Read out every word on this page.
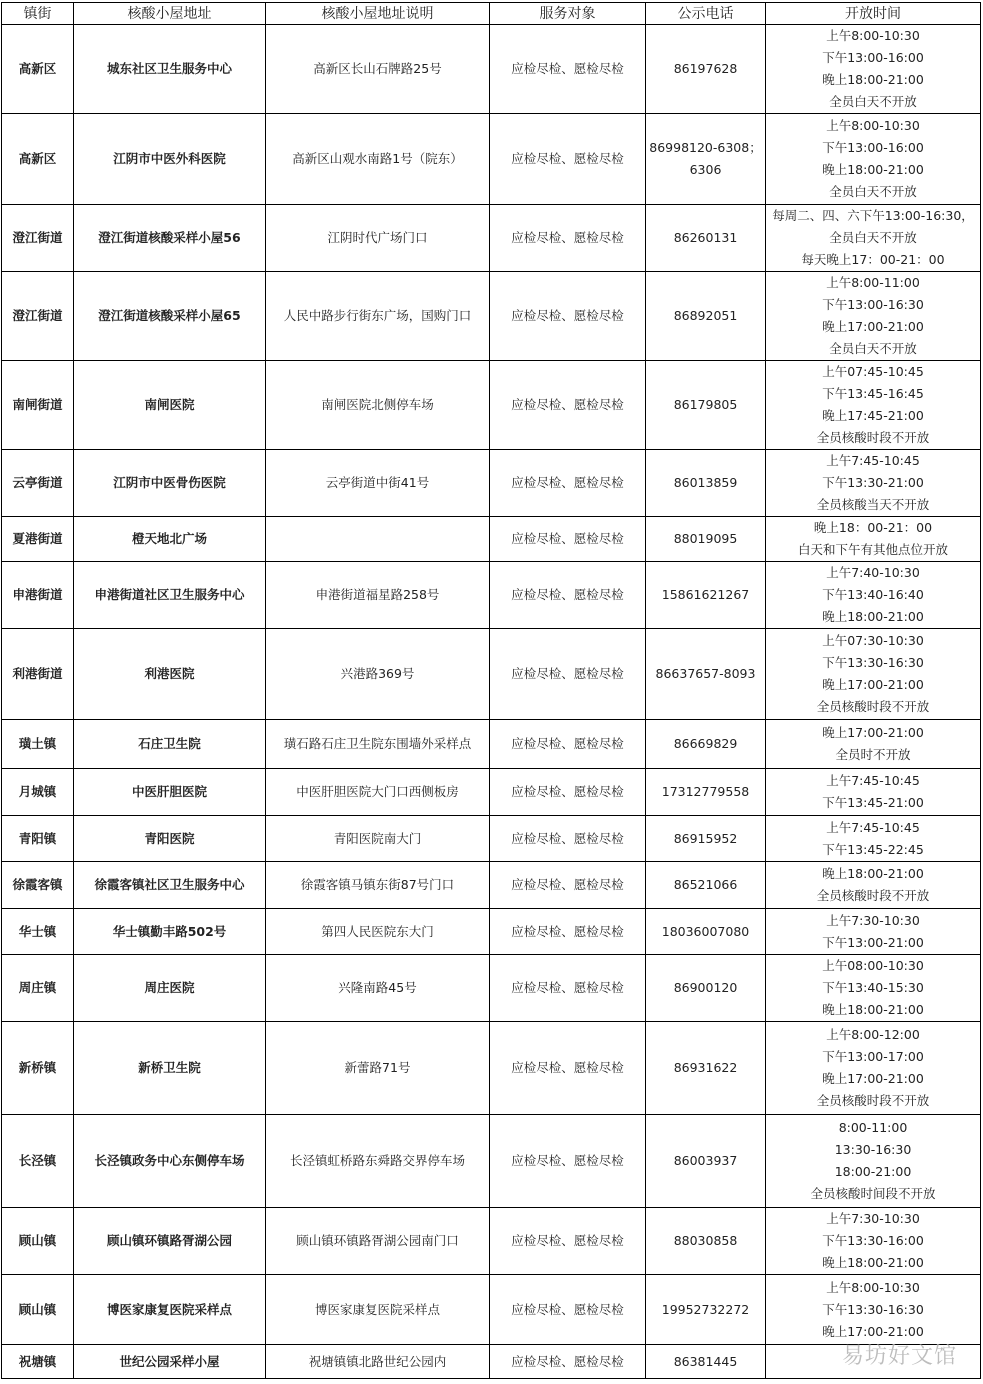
镇街	核酸小屋地址	核酸小屋地址说明	服务对象	公示电话	开放时间
高新区	城东社区卫生服务中心	高新区长山石牌路25号	应检尽检、愿检尽检	86197628	上午8:00-10:30
下午13:00-16:00
晚上18:00-21:00
全员白天不开放

高新区	江阴市中医外科医院	高新区山观水南路1号（院东）	应检尽检、愿检尽检	86998120-6308；6306	上午8:00-10:30
下午13:00-16:00
晚上18:00-21:00
全员白天不开放

澄江街道	澄江街道核酸采样小屋56	江阴时代广场门口	应检尽检、愿检尽检	86260131	每周二、四、六下午13:00-16:30，
全员白天不开放
每天晚上17：00-21：00

澄江街道	澄江街道核酸采样小屋65	人民中路步行街东广场，国购门口	应检尽检、愿检尽检	86892051	上午8:00-11:00
下午13:00-16:30
晚上17:00-21:00
全员白天不开放

南闸街道	南闸医院	南闸医院北侧停车场	应检尽检、愿检尽检	86179805	上午07:45-10:45
下午13:45-16:45
晚上17:45-21:00
全员核酸时段不开放

云亭街道	江阴市中医骨伤医院	云亭街道中街41号	应检尽检、愿检尽检	86013859	上午7:45-10:45
下午13:30-21:00
全员核酸当天不开放

夏港街道	橙天地北广场		应检尽检、愿检尽检	88019095	晚上18：00-21：00
白天和下午有其他点位开放

申港街道	申港街道社区卫生服务中心	申港街道福星路258号	应检尽检、愿检尽检	15861621267	上午7:40-10:30
下午13:40-16:40
晚上18:00-21:00

利港街道	利港医院	兴港路369号	应检尽检、愿检尽检	86637657-8093	上午07:30-10:30
下午13:30-16:30
晚上17:00-21:00
全员核酸时段不开放

璜土镇	石庄卫生院	璜石路石庄卫生院东围墙外采样点	应检尽检、愿检尽检	86669829	晚上17:00-21:00
全员时不开放

月城镇	中医肝胆医院	中医肝胆医院大门口西侧板房	应检尽检、愿检尽检	17312779558	上午7:45-10:45
下午13:45-21:00

青阳镇	青阳医院	青阳医院南大门	应检尽检、愿检尽检	86915952	上午7:45-10:45
下午13:45-22:45

徐霞客镇	徐霞客镇社区卫生服务中心	徐霞客镇马镇东街87号门口	应检尽检、愿检尽检	86521066	晚上18:00-21:00
全员核酸时段不开放

华士镇	华士镇勤丰路502号	第四人民医院东大门	应检尽检、愿检尽检	18036007080	上午7:30-10:30
下午13:00-21:00

周庄镇	周庄医院	兴隆南路45号	应检尽检、愿检尽检	86900120	上午08:00-10:30
下午13:40-15:30
晚上18:00-21:00

新桥镇	新桥卫生院	新蕾路71号	应检尽检、愿检尽检	86931622	上午8:00-12:00
下午13:00-17:00
晚上17:00-21:00
全员核酸时段不开放

长泾镇	长泾镇政务中心东侧停车场	长泾镇虹桥路东舜路交界停车场	应检尽检、愿检尽检	86003937	8:00-11:00
13:30-16:30
18:00-21:00
全员核酸时间段不开放

顾山镇	顾山镇环镇路胥湖公园	顾山镇环镇路胥湖公园南门口	应检尽检、愿检尽检	88030858	上午7:30-10:30
下午13:30-16:00
晚上18:00-21:00

顾山镇	博医家康复医院采样点	博医家康复医院采样点	应检尽检、愿检尽检	19952732272	上午8:00-10:30
下午13:30-16:30
晚上17:00-21:00

祝塘镇	世纪公园采样小屋	祝塘镇镇北路世纪公园内	应检尽检、愿检尽检	86381445		易坊好文馆
